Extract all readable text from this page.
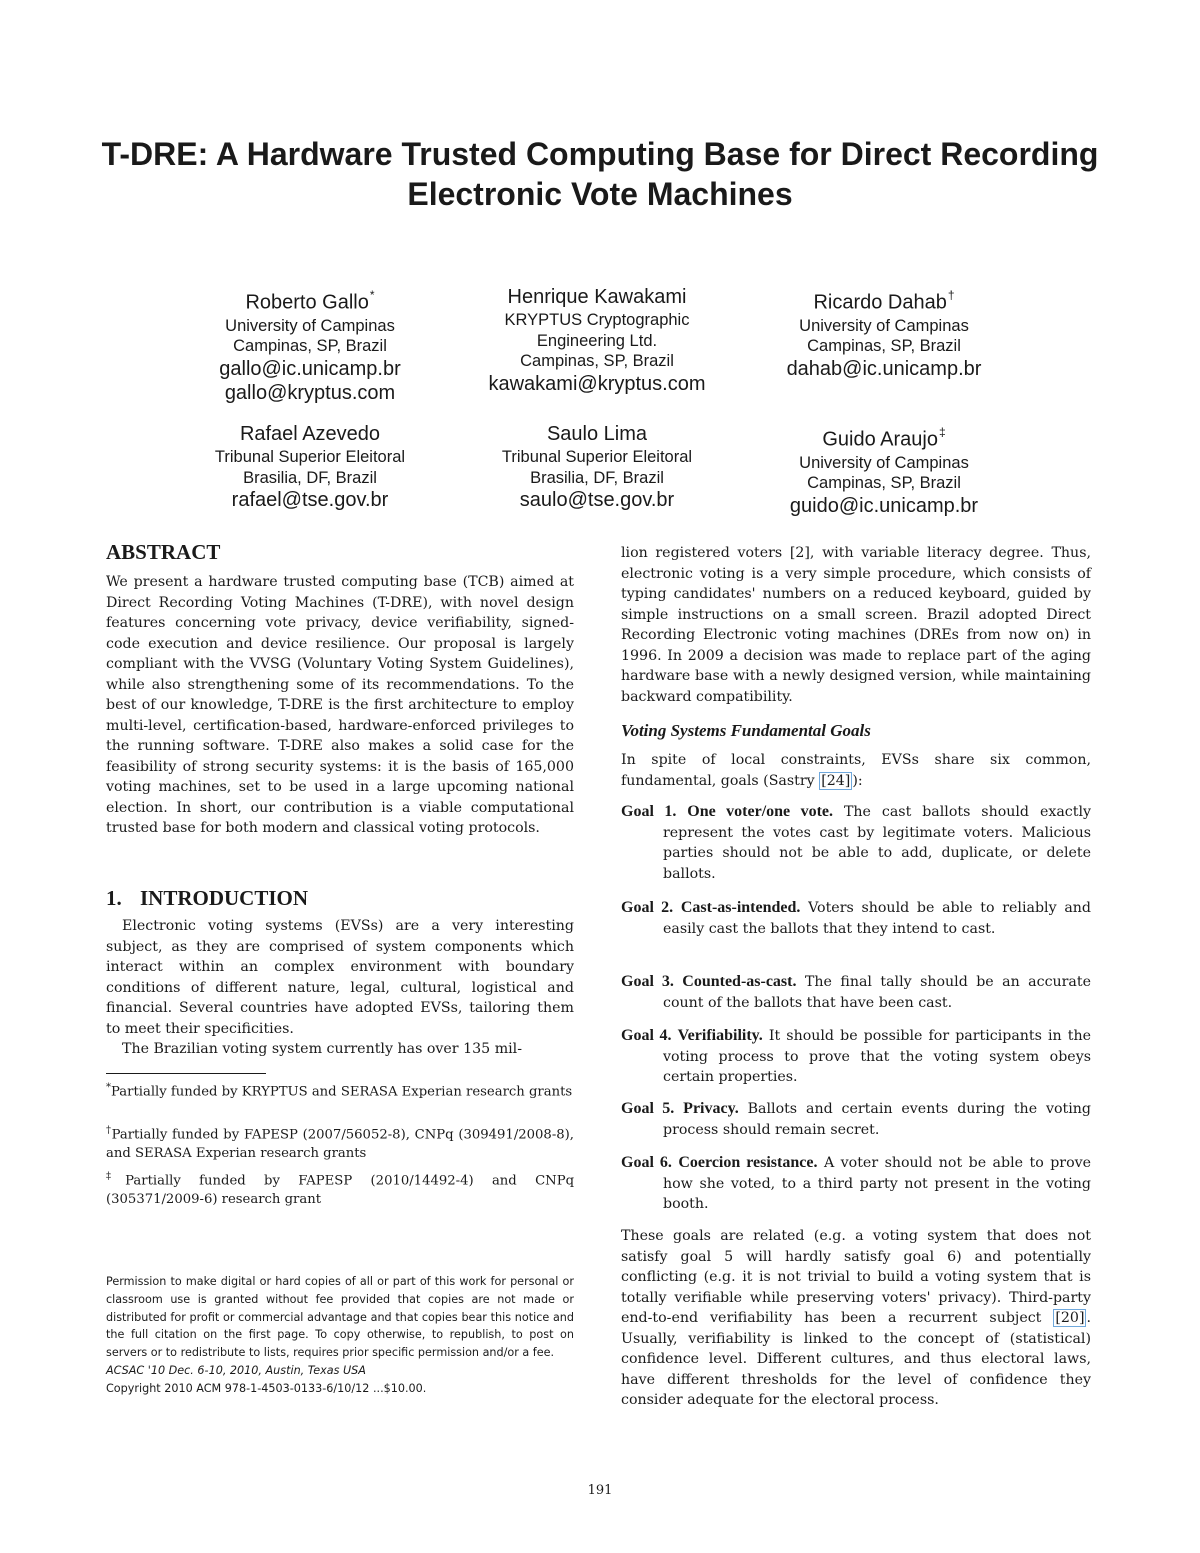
T-DRE: A Hardware Trusted Computing Base for Direct Recording Electronic Vote Machines
Roberto Gallo*
University of Campinas
Campinas, SP, Brazil
gallo@ic.unicamp.br
gallo@kryptus.com
Henrique Kawakami
KRYPTUS Cryptographic
Engineering Ltd.
Campinas, SP, Brazil
kawakami@kryptus.com
Ricardo Dahab†
University of Campinas
Campinas, SP, Brazil
dahab@ic.unicamp.br
Rafael Azevedo
Tribunal Superior Eleitoral
Brasilia, DF, Brazil
rafael@tse.gov.br
Saulo Lima
Tribunal Superior Eleitoral
Brasilia, DF, Brazil
saulo@tse.gov.br
Guido Araujo‡
University of Campinas
Campinas, SP, Brazil
guido@ic.unicamp.br
ABSTRACT

We present a hardware trusted computing base (TCB) aimed at Direct Recording Voting Machines (T-DRE), with novel design features concerning vote privacy, device verifiability, signed-code execution and device resilience. Our proposal is largely compliant with the VVSG (Voluntary Voting System Guidelines), while also strengthening some of its recommendations. To the best of our knowledge, T-DRE is the first architecture to employ multi-level, certification-based, hardware-enforced privileges to the running software. T-DRE also makes a solid case for the feasibility of strong security systems: it is the basis of 165,000 voting machines, set to be used in a large upcoming national election. In short, our contribution is a viable computational trusted base for both modern and classical voting protocols.

1. INTRODUCTION

Electronic voting systems (EVSs) are a very interesting subject, as they are comprised of system components which interact within an complex environment with boundary conditions of different nature, legal, cultural, logistical and financial. Several countries have adopted EVSs, tailoring them to meet their specificities.

The Brazilian voting system currently has over 135 mil-

*Partially funded by KRYPTUS and SERASA Experian research grants

†Partially funded by FAPESP (2007/56052-8), CNPq (309491/2008-8), and SERASA Experian research grants

‡Partially funded by FAPESP (2010/14492-4) and CNPq (305371/2009-6) research grant

Permission to make digital or hard copies of all or part of this work for personal or classroom use is granted without fee provided that copies are not made or distributed for profit or commercial advantage and that copies bear this notice and the full citation on the first page. To copy otherwise, to republish, to post on servers or to redistribute to lists, requires prior specific permission and/or a fee.

ACSAC '10 Dec. 6-10, 2010, Austin, Texas USA

Copyright 2010 ACM 978-1-4503-0133-6/10/12 ...$10.00.

lion registered voters [2], with variable literacy degree. Thus, electronic voting is a very simple procedure, which consists of typing candidates' numbers on a reduced keyboard, guided by simple instructions on a small screen. Brazil adopted Direct Recording Electronic voting machines (DREs from now on) in 1996. In 2009 a decision was made to replace part of the aging hardware base with a newly designed version, while maintaining backward compatibility.

Voting Systems Fundamental Goals

In spite of local constraints, EVSs share six common, fundamental, goals (Sastry [24] ):

Goal 1. One voter/one vote. The cast ballots should exactly represent the votes cast by legitimate voters. Malicious parties should not be able to add, duplicate, or delete ballots.

Goal 2. Cast-as-intended. Voters should be able to reliably and easily cast the ballots that they intend to cast.

Goal 3. Counted-as-cast. The final tally should be an accurate count of the ballots that have been cast.

Goal 4. Verifiability. It should be possible for participants in the voting process to prove that the voting system obeys certain properties.

Goal 5. Privacy. Ballots and certain events during the voting process should remain secret.

Goal 6. Coercion resistance. A voter should not be able to prove how she voted, to a third party not present in the voting booth.

These goals are related (e.g. a voting system that does not satisfy goal 5 will hardly satisfy goal 6) and potentially conflicting (e.g. it is not trivial to build a voting system that is totally verifiable while preserving voters' privacy). Third-party end-to-end verifiability has been a recurrent subject [20] . Usually, verifiability is linked to the concept of (statistical) confidence level. Different cultures, and thus electoral laws, have different thresholds for the level of confidence they consider adequate for the electoral process.

191
